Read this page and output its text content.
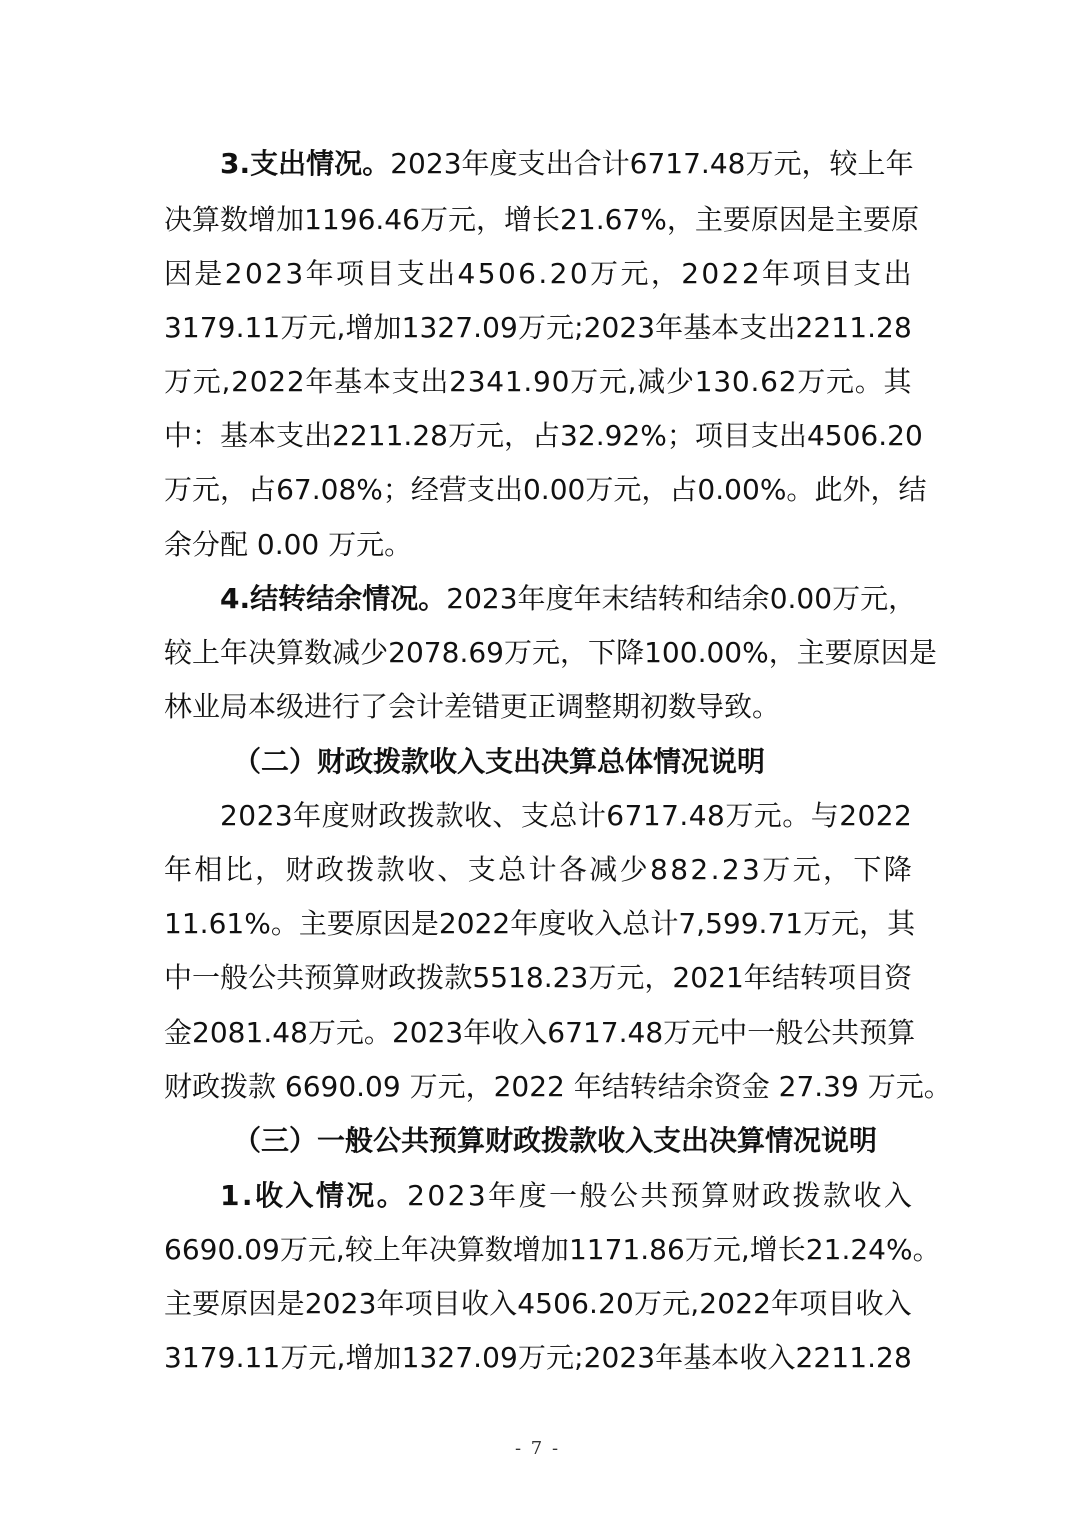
3 . 支 出 情 况 。 2 0 2 3 年 度 支 出 合 计 6 7 1 7 . 4 8 万 元 ， 较 上 年
决 算 数 增 加 1 1 9 6 . 4 6 万 元 ， 增 长 2 1 . 6 7 % ， 主 要 原 因 是 主 要 原
因 是 2 0 2 3 年 项 目 支 出 4 5 0 6 . 2 0 万 元 ， 2 0 2 2 年 项 目 支 出
3 1 7 9 . 1 1 万 元 , 增 加 1 3 2 7 . 0 9 万 元 ; 2 0 2 3 年 基 本 支 出 2 2 1 1 . 2 8
万 元 , 2 0 2 2 年 基 本 支 出 2 3 4 1 . 9 0 万 元 , 减 少 1 3 0 . 6 2 万 元 。 其
中 ： 基 本 支 出 2 2 1 1 . 2 8 万 元 ， 占 3 2 . 9 2 % ； 项 目 支 出 4 5 0 6 . 2 0
万 元 ， 占 6 7 . 0 8 % ； 经 营 支 出 0 . 0 0 万 元 ， 占 0 . 0 0 % 。 此 外 ， 结
余分配 0.00 万元。
4 . 结 转 结 余 情 况 。 2 0 2 3 年 度 年 末 结 转 和 结 余 0 . 0 0 万 元 ，
较 上 年 决 算 数 减 少 2 0 7 8 . 6 9 万 元 ， 下 降 1 0 0 . 0 0 % ， 主 要 原 因 是
林业局本级进行了会计差错更正调整期初数导致。
（二）财政拨款收入支出决算总体情况说明
2 0 2 3 年 度 财 政 拨 款 收 、 支 总 计 6 7 1 7 . 4 8 万 元 。 与 2 0 2 2
年 相 比 ， 财 政 拨 款 收 、 支 总 计 各 减 少 8 8 2 . 2 3 万 元 ， 下 降
1 1 . 6 1 % 。 主 要 原 因 是 2 0 2 2 年 度 收 入 总 计 7 , 5 9 9 . 7 1 万 元 ， 其
中 一 般 公 共 预 算 财 政 拨 款 5 5 1 8 . 2 3 万 元 ， 2 0 2 1 年 结 转 项 目 资
金 2 0 8 1 . 4 8 万 元 。 2 0 2 3 年 收 入 6 7 1 7 . 4 8 万 元 中 一 般 公 共 预 算
财政拨款 6690.09 万元，2022 年结转结余资金 27.39 万元。
（三）一般公共预算财政拨款收入支出决算情况说明
1 . 收 入 情 况 。 2 0 2 3 年 度 一 般 公 共 预 算 财 政 拨 款 收 入
6 6 9 0 . 0 9 万 元 , 较 上 年 决 算 数 增 加 1 1 7 1 . 8 6 万 元 , 增 长 2 1 . 2 4 % 。
主 要 原 因 是 2 0 2 3 年 项 目 收 入 4 5 0 6 . 2 0 万 元 , 2 0 2 2 年 项 目 收 入
3 1 7 9 . 1 1 万 元 , 增 加 1 3 2 7 . 0 9 万 元 ; 2 0 2 3 年 基 本 收 入 2 2 1 1 . 2 8
- 7 -
